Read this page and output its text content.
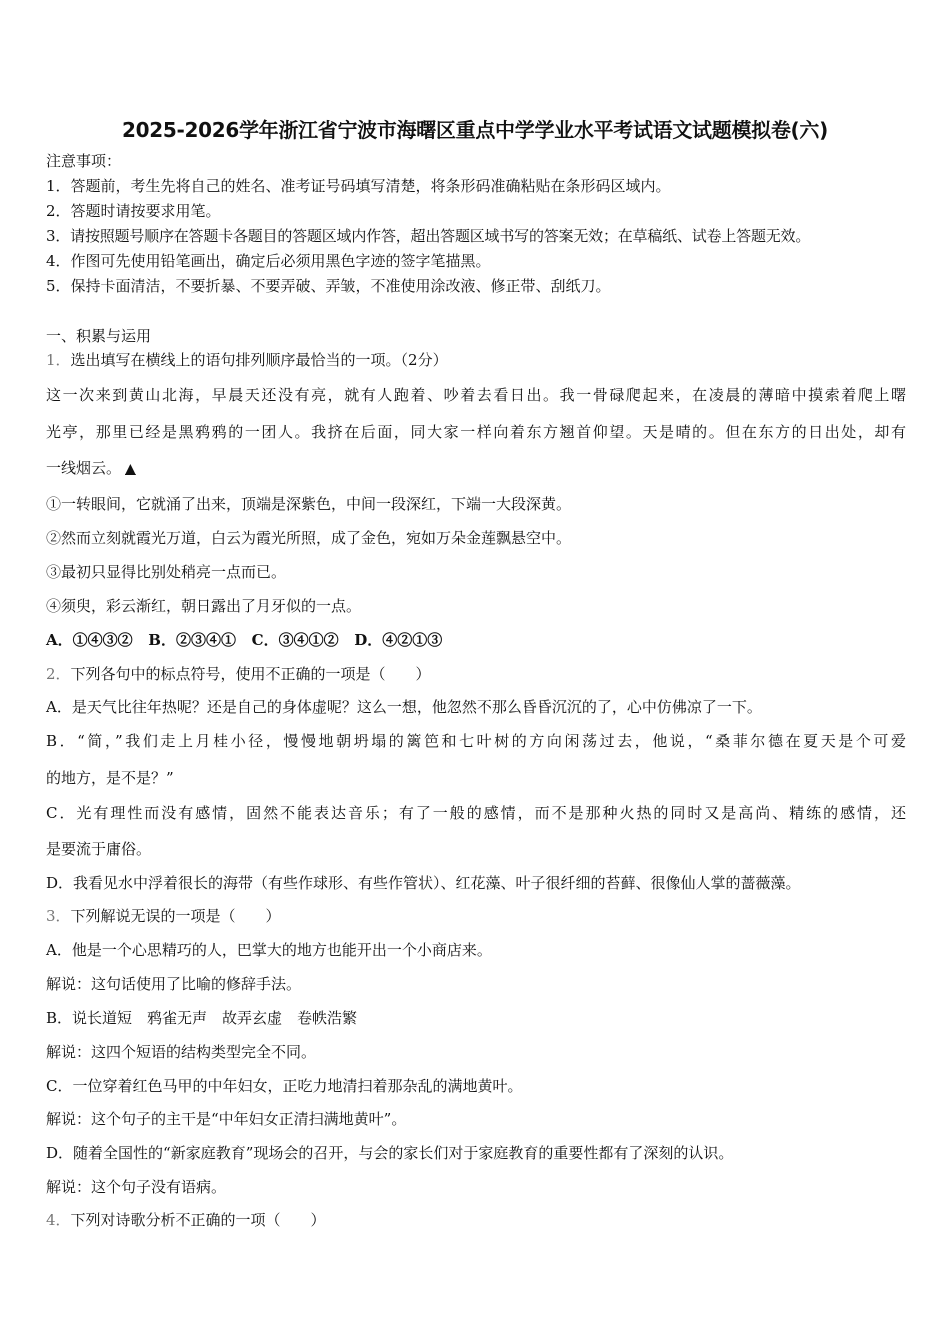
2025-2026学年浙江省宁波市海曙区重点中学学业水平考试语文试题模拟卷(六)
注意事项：
1．答题前，考生先将自己的姓名、准考证号码填写清楚，将条形码准确粘贴在条形码区域内。
2．答题时请按要求用笔。
3．请按照题号顺序在答题卡各题目的答题区域内作答，超出答题区域书写的答案无效；在草稿纸、试卷上答题无效。
4．作图可先使用铅笔画出，确定后必须用黑色字迹的签字笔描黑。
5．保持卡面清洁，不要折暴、不要弄破、弄皱，不准使用涂改液、修正带、刮纸刀。
一、积累与运用
1．选出填写在横线上的语句排列顺序最恰当的一项。（2分）
这一次来到黄山北海，早晨天还没有亮，就有人跑着、吵着去看日出。我一骨碌爬起来，在凌晨的薄暗中摸索着爬上曙
光亭，那里已经是黑鸦鸦的一团人。我挤在后面，同大家一样向着东方翘首仰望。天是晴的。但在东方的日出处，却有
一线烟云。 ▲
①一转眼间，它就涌了出来，顶端是深紫色，中间一段深红，下端一大段深黄。
②然而立刻就霞光万道，白云为霞光所照，成了金色，宛如万朵金莲飘悬空中。
③最初只显得比别处稍亮一点而已。
④须臾，彩云渐红，朝日露出了月牙似的一点。
A．①④③②   B．②③④①   C．③④①②   D．④②①③
2．下列各句中的标点符号，使用不正确的一项是（　　）
A．是天气比往年热呢？还是自己的身体虚呢？这么一想，他忽然不那么昏昏沉沉的了，心中仿佛凉了一下。
B．“简，”我们走上月桂小径，慢慢地朝坍塌的篱笆和七叶树的方向闲荡过去，他说，“桑菲尔德在夏天是个可爱
的地方，是不是？”
C．光有理性而没有感情，固然不能表达音乐；有了一般的感情，而不是那种火热的同时又是高尚、精练的感情，还
是要流于庸俗。
D．我看见水中浮着很长的海带（有些作球形、有些作管状）、红花藻、叶子很纤细的苔藓、很像仙人掌的蔷薇藻。
3．下列解说无误的一项是（　　）
A．他是一个心思精巧的人，巴掌大的地方也能开出一个小商店来。
解说：这句话使用了比喻的修辞手法。
B．说长道短　鸦雀无声　故弄玄虚　卷帙浩繁
解说：这四个短语的结构类型完全不同。
C．一位穿着红色马甲的中年妇女，正吃力地清扫着那杂乱的满地黄叶。
解说：这个句子的主干是“中年妇女正清扫满地黄叶”。
D．随着全国性的“新家庭教育”现场会的召开，与会的家长们对于家庭教育的重要性都有了深刻的认识。
解说：这个句子没有语病。
4．下列对诗歌分析不正确的一项（　　）
